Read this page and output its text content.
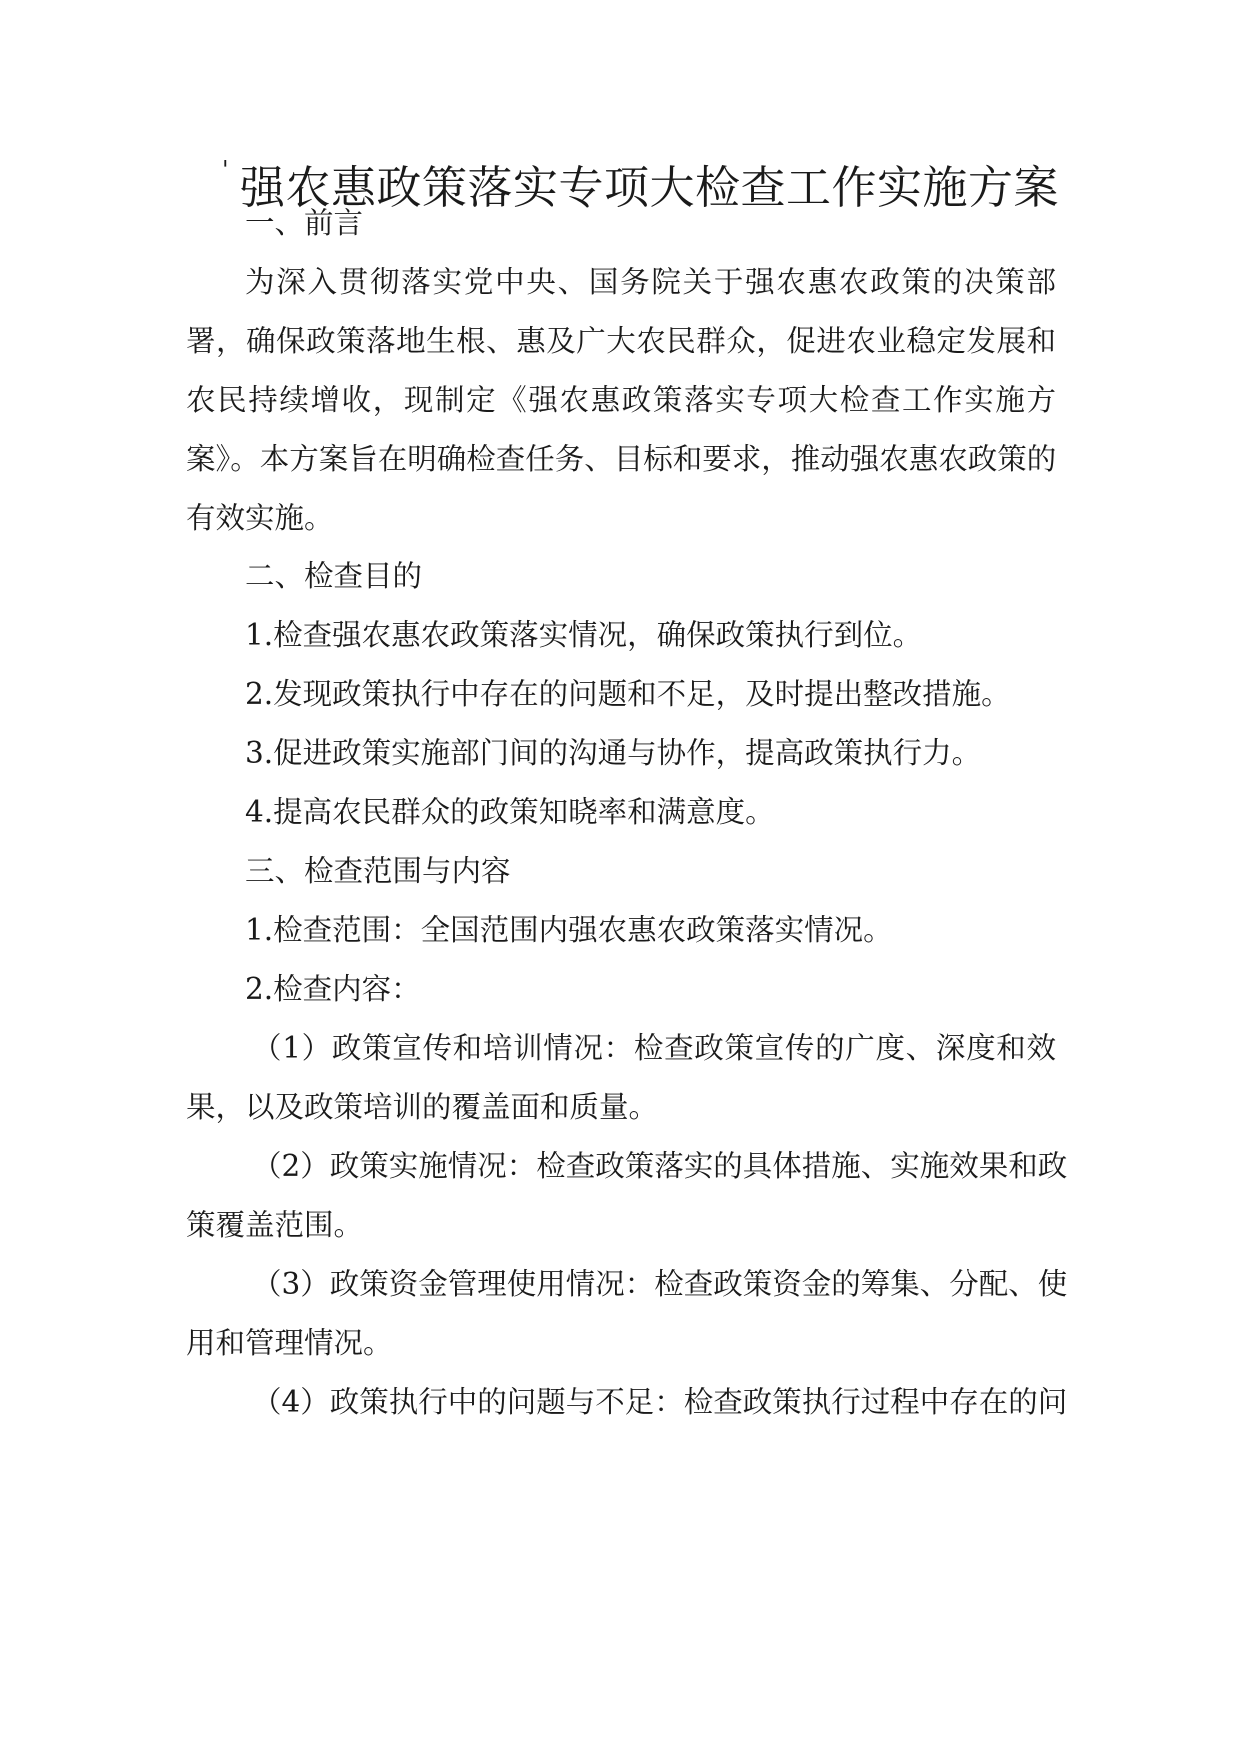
' 强农惠政策落实专项大检查工作实施方案
一、前言
为深入贯彻落实党中央、国务院关于强农惠农政策的决策部
署，确保政策落地生根、惠及广大农民群众，促进农业稳定发展和
农民持续增收，现制定《强农惠政策落实专项大检查工作实施方
案》。本方案旨在明确检查任务、目标和要求，推动强农惠农政策的
有效实施。
二、检查目的
1.检查强农惠农政策落实情况，确保政策执行到位。
2.发现政策执行中存在的问题和不足，及时提出整改措施。
3.促进政策实施部门间的沟通与协作，提高政策执行力。
4.提高农民群众的政策知晓率和满意度。
三、检查范围与内容
1.检查范围：全国范围内强农惠农政策落实情况。
2.检查内容：
（1）政策宣传和培训情况：检查政策宣传的广度、深度和效
果，以及政策培训的覆盖面和质量。
（2）政策实施情况：检查政策落实的具体措施、实施效果和政
策覆盖范围。
（3）政策资金管理使用情况：检查政策资金的筹集、分配、使
用和管理情况。
（4）政策执行中的问题与不足：检查政策执行过程中存在的问
